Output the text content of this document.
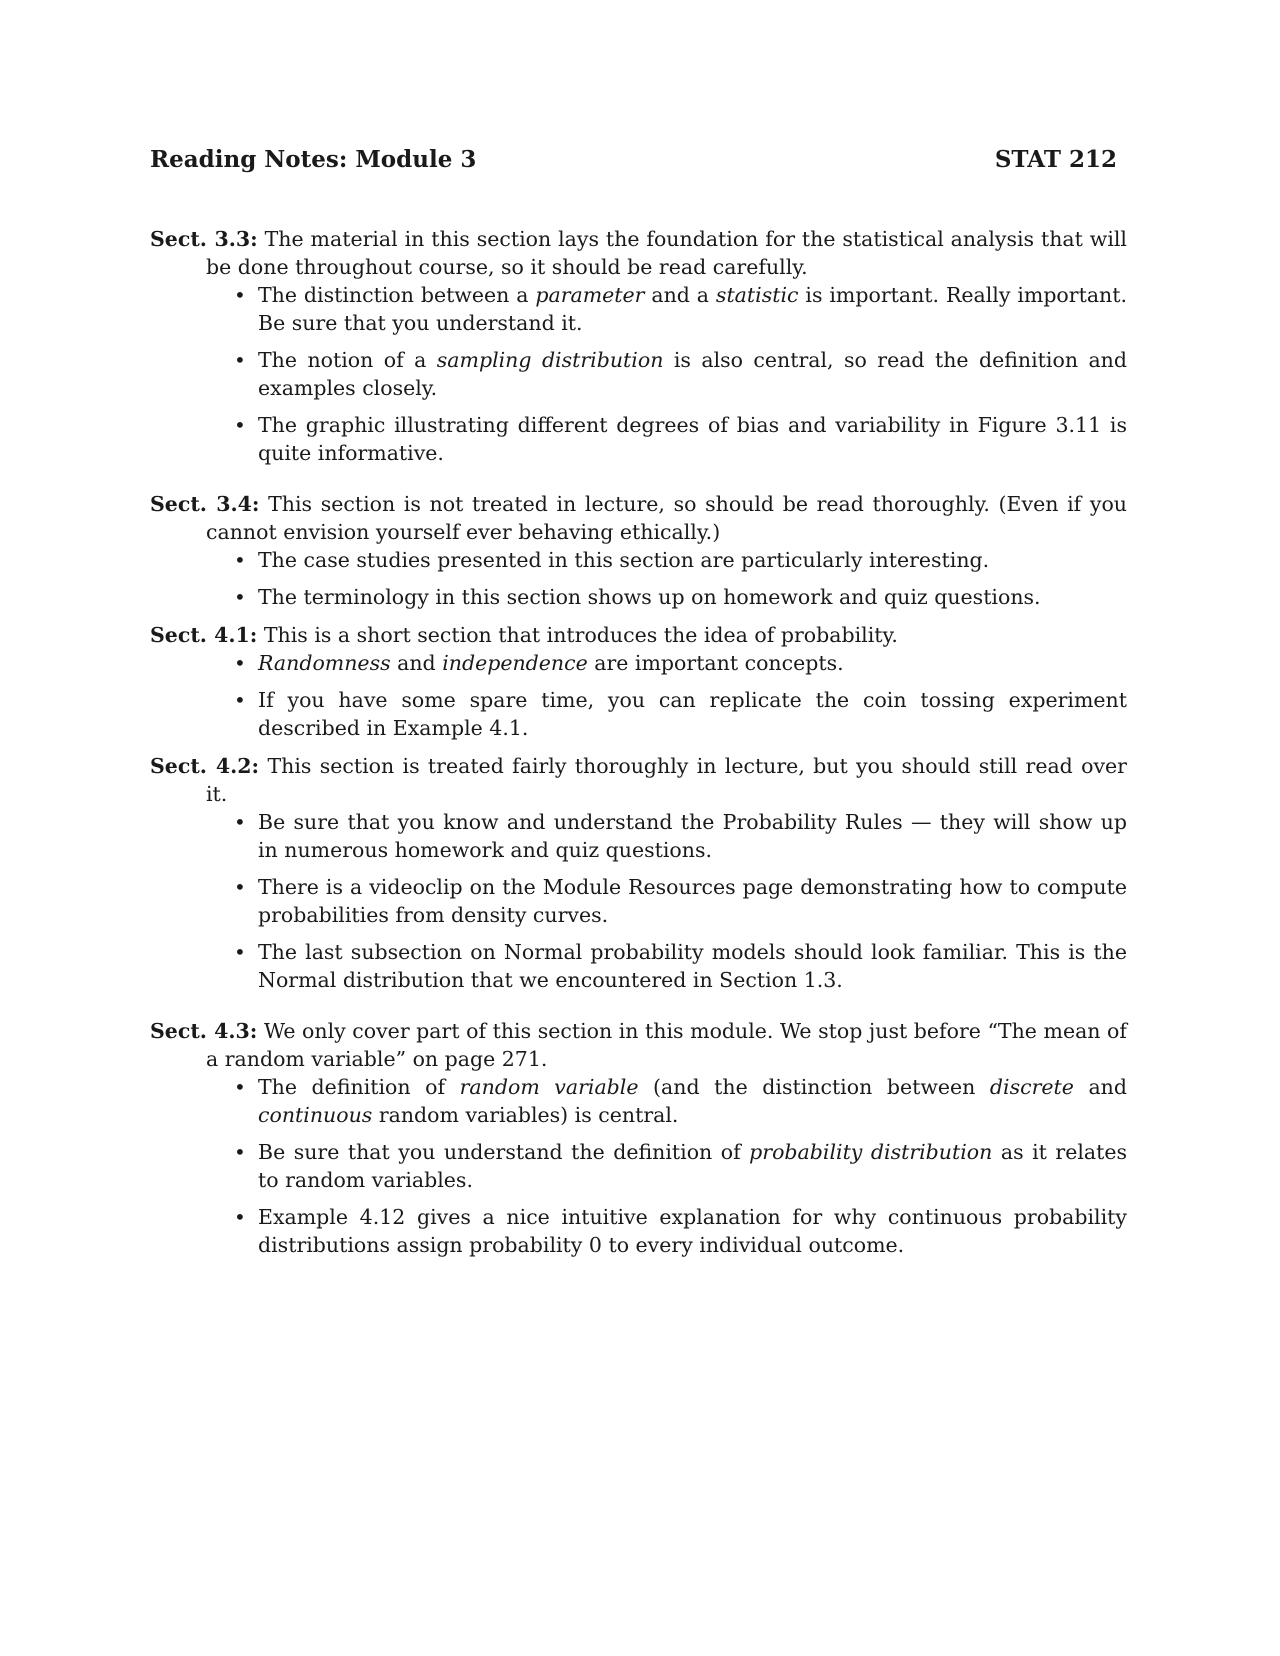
Reading Notes: Module 3	STAT 212

Sect. 3.3: The material in this section lays the foundation for the statistical analysis that will be done throughout course, so it should be read carefully.

• The distinction between a parameter and a statistic is important. Really important. Be sure that you understand it.
• The notion of a sampling distribution is also central, so read the definition and examples closely.
• The graphic illustrating different degrees of bias and variability in Figure 3.11 is quite informative.

Sect. 3.4: This section is not treated in lecture, so should be read thoroughly. (Even if you cannot envision yourself ever behaving ethically.)

• The case studies presented in this section are particularly interesting.
• The terminology in this section shows up on homework and quiz questions.

Sect. 4.1: This is a short section that introduces the idea of probability.

• Randomness and independence are important concepts.
• If you have some spare time, you can replicate the coin tossing experiment described in Example 4.1.

Sect. 4.2: This section is treated fairly thoroughly in lecture, but you should still read over it.

• Be sure that you know and understand the Probability Rules — they will show up in numerous homework and quiz questions.
• There is a videoclip on the Module Resources page demonstrating how to compute probabilities from density curves.
• The last subsection on Normal probability models should look familiar. This is the Normal distribution that we encountered in Section 1.3.

Sect. 4.3: We only cover part of this section in this module. We stop just before “The mean of a random variable” on page 271.

• The definition of random variable (and the distinction between discrete and continuous random variables) is central.
• Be sure that you understand the definition of probability distribution as it relates to random variables.
• Example 4.12 gives a nice intuitive explanation for why continuous probability distributions assign probability 0 to every individual outcome.
